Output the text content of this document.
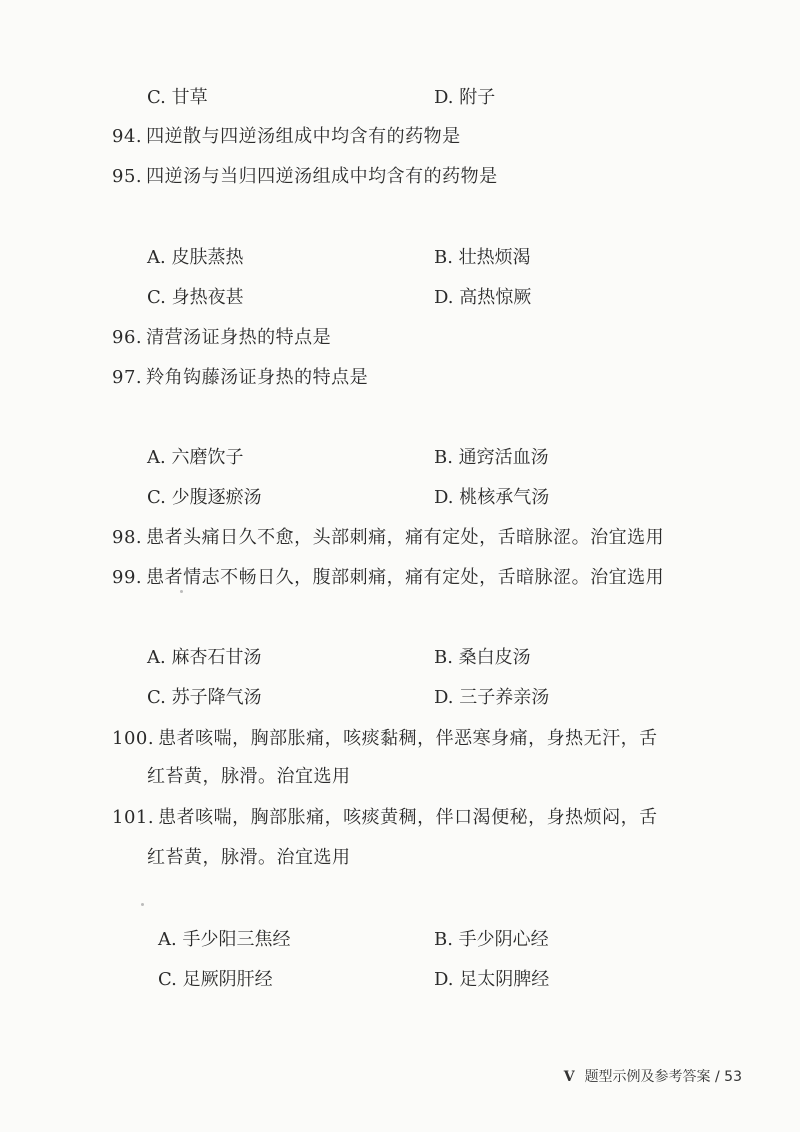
C. 甘草	D. 附子
94. 四逆散与四逆汤组成中均含有的药物是
95. 四逆汤与当归四逆汤组成中均含有的药物是
A. 皮肤蒸热	B. 壮热烦渴
C. 身热夜甚	D. 高热惊厥
96. 清营汤证身热的特点是
97. 羚角钩藤汤证身热的特点是
A. 六磨饮子	B. 通窍活血汤
C. 少腹逐瘀汤	D. 桃核承气汤
98. 患者头痛日久不愈，头部刺痛，痛有定处，舌暗脉涩。治宜选用
99. 患者情志不畅日久，腹部刺痛，痛有定处，舌暗脉涩。治宜选用
A. 麻杏石甘汤	B. 桑白皮汤
C. 苏子降气汤	D. 三子养亲汤
100. 患者咳喘，胸部胀痛，咳痰黏稠，伴恶寒身痛，身热无汗，舌
红苔黄，脉滑。治宜选用
101. 患者咳喘，胸部胀痛，咳痰黄稠，伴口渴便秘，身热烦闷，舌
红苔黄，脉滑。治宜选用
A. 手少阳三焦经	B. 手少阴心经
C. 足厥阴肝经	D. 足太阴脾经
V 题型示例及参考答案 / 53
